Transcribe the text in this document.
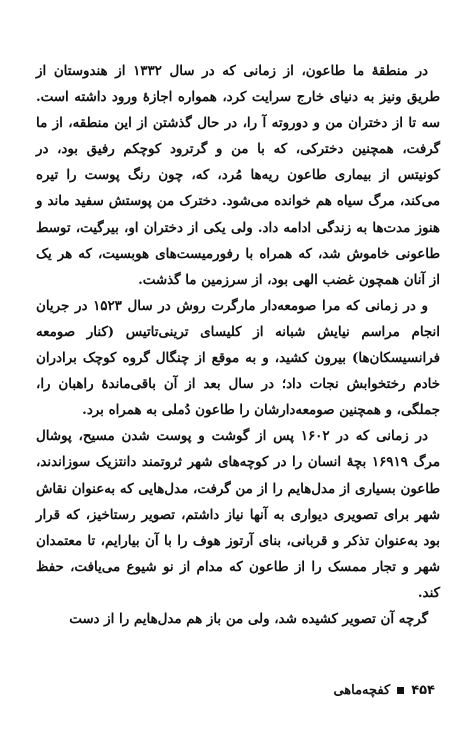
در منطقهٔ ما طاعون، از زمانی که در سال ۱۳۳۲ از هندوستان از طریق ونیز به دنیای خارج سرایت کرد، همواره اجازهٔ ورود داشته است. سه تا از دختران من و دوروته آ را، در حال گذشتن از این منطقه، از ما گرفت، همچنین دخترکی، که با من و گرترود کوچکم رفیق بود، در کونیتس از بیماری طاعون ریه‌ها مُرد، که، چون رنگ پوست را تیره می‌کند، مرگ سیاه هم خوانده می‌شود. دخترک من پوستش سفید ماند و هنوز مدت‌ها به زندگی ادامه داد. ولی یکی از دختران او، بیرگیت، توسط طاعونی خاموش شد، که همراه با رفورمیست‌های هوبسیت، که هر یک از آنان همچون غضب الهی بود، از سرزمین ما گذشت.

و در زمانی که مرا صومعه‌دار مارگرت روش در سال ۱۵۲۳ در جریان انجام مراسم نیایش شبانه از کلیسای ترینی‌تاتیس (کنار صومعه فرانسیسکان‌ها) بیرون کشید، و به موقع از چنگال گروه کوچک برادران خادم رختخوابش نجات داد؛ در سال بعد از آن باقی‌ماندهٔ راهبان را، جملگی، و همچنین صومعه‌دارشان را طاعون دُملی به همراه برد.

در زمانی که در ۱۶۰۲ پس از گوشت و پوست شدن مسیح، پوشال مرگ ۱۶۹۱۹ بچهٔ انسان را در کوچه‌های شهر ثروتمند دانتزیک سوزاندند، طاعون بسیاری از مدل‌هایم را از من گرفت، مدل‌هایی که به‌عنوان نقاش شهر برای تصویری دیواری به آنها نیاز داشتم، تصویر رستاخیز، که قرار بود به‌عنوان تذکر و قربانی، بنای آرتوز هوف را با آن بیارایم، تا معتمدان شهر و تجار ممسک را از طاعون که مدام از نو شیوع می‌یافت، حفظ کند.

گرچه آن تصویر کشیده شد، ولی من باز هم مدل‌هایم را از دست

۴۵۴
کفچه‌ماهی
